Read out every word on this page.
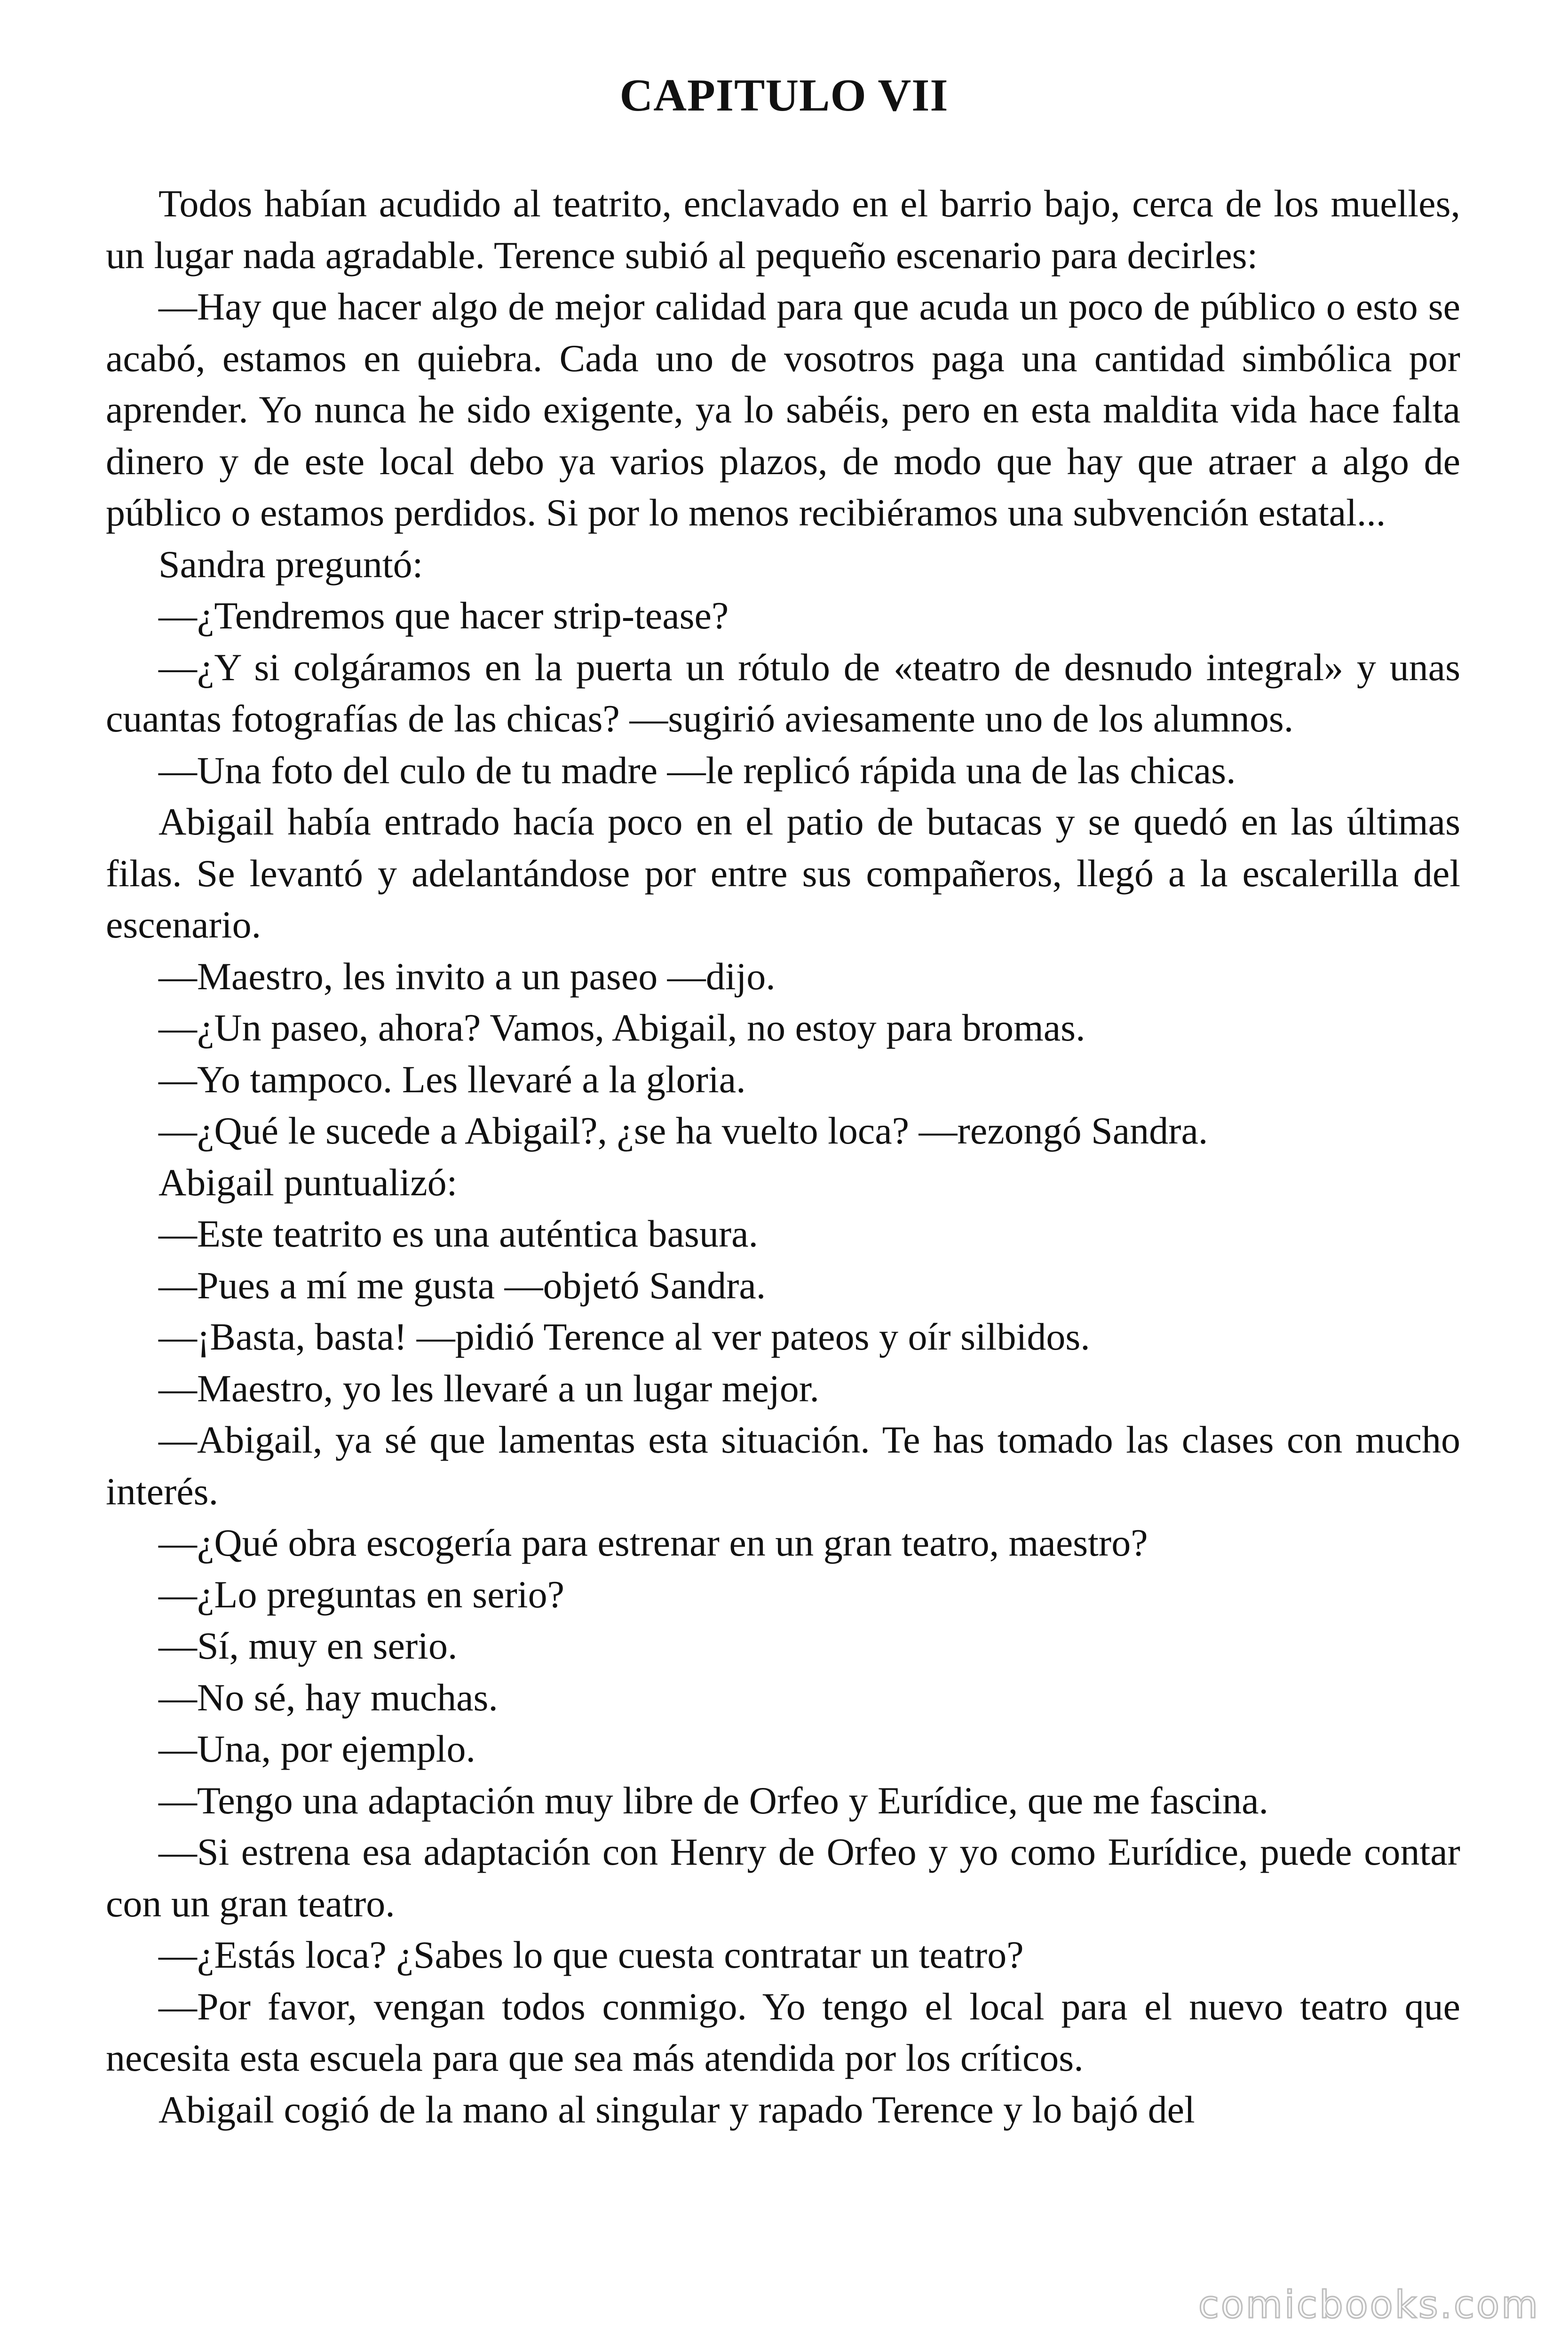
CAPITULO VII

Todos habían acudido al teatrito, enclavado en el barrio bajo, cerca de los muelles, un lugar nada agradable. Terence subió al pequeño escenario para decirles:

—Hay que hacer algo de mejor calidad para que acuda un poco de público o esto se acabó, estamos en quiebra. Cada uno de vosotros paga una cantidad simbólica por aprender. Yo nunca he sido exigente, ya lo sabéis, pero en esta maldita vida hace falta dinero y de este local debo ya varios plazos, de modo que hay que atraer a algo de público o estamos perdidos. Si por lo menos recibiéramos una subvención estatal...

Sandra preguntó:

—¿Tendremos que hacer strip-tease?

—¿Y si colgáramos en la puerta un rótulo de «teatro de desnudo integral» y unas cuantas fotografías de las chicas? —sugirió aviesamente uno de los alumnos.

—Una foto del culo de tu madre —le replicó rápida una de las chicas.

Abigail había entrado hacía poco en el patio de butacas y se quedó en las últimas filas. Se levantó y adelantándose por entre sus compañeros, llegó a la escalerilla del escenario.

—Maestro, les invito a un paseo —dijo.

—¿Un paseo, ahora? Vamos, Abigail, no estoy para bromas.

—Yo tampoco. Les llevaré a la gloria.

—¿Qué le sucede a Abigail?, ¿se ha vuelto loca? —rezongó Sandra.

Abigail puntualizó:

—Este teatrito es una auténtica basura.

—Pues a mí me gusta —objetó Sandra.

—¡Basta, basta! —pidió Terence al ver pateos y oír silbidos.

—Maestro, yo les llevaré a un lugar mejor.

—Abigail, ya sé que lamentas esta situación. Te has tomado las clases con mucho interés.

—¿Qué obra escogería para estrenar en un gran teatro, maestro?

—¿Lo preguntas en serio?

—Sí, muy en serio.

—No sé, hay muchas.

—Una, por ejemplo.

—Tengo una adaptación muy libre de Orfeo y Eurídice, que me fascina.

—Si estrena esa adaptación con Henry de Orfeo y yo como Eurídice, puede contar con un gran teatro.

—¿Estás loca? ¿Sabes lo que cuesta contratar un teatro?

—Por favor, vengan todos conmigo. Yo tengo el local para el nuevo teatro que necesita esta escuela para que sea más atendida por los críticos.

Abigail cogió de la mano al singular y rapado Terence y lo bajó del

comicbooks.com
